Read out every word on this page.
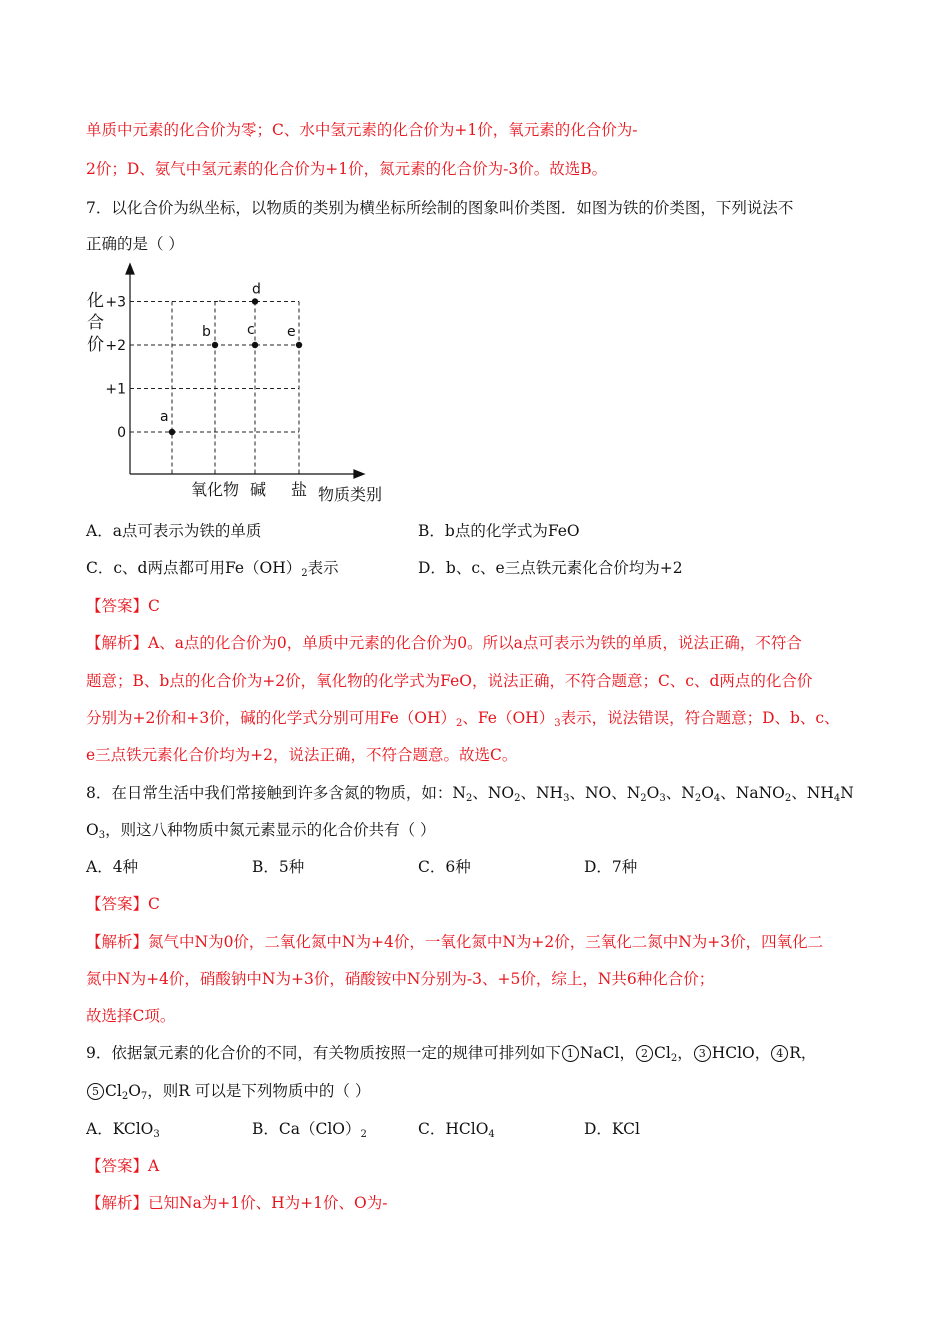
单质中元素的化合价为零；C、水中氢元素的化合价为+1价，氧元素的化合价为-
2价；D、氨气中氢元素的化合价为+1价，氮元素的化合价为-3价。故选B。
7．以化合价为纵坐标，以物质的类别为横坐标所绘制的图象叫价类图．如图为铁的价类图，下列说法不
正确的是（ ）
+3
+2
+1
0
化
合
价
氧化物 碱 盐 物质类别
a
b	c
d
e
A．a点可表示为铁的单质	B．b点的化学式为FeO
C．c、d两点都可用$Fe(OH)_2$表示	D．b、c、e三点铁元素化合价均为+2
【答案】C
【解析】A、a点的化合价为0，单质中元素的化合价为0。所以a点可表示为铁的单质，说法正确，不符合
题意；B、b点的化合价为+2价，氧化物的化学式为FeO，说法正确，不符合题意；C、c、d两点的化合价
分别为+2价和+3价，碱的化学式分别可用$Fe(OH)_2$、$Fe(OH)_3$表示，说法错误，符合题意；D、b、c、
e三点铁元素化合价均为+2，说法正确，不符合题意。故选C。
8．在日常生活中我们常接触到许多含氮的物质，如：$N_2$、$NO_2$、$NH_3$、NO、$N_2O_3$、$N_2O_4$、NaNO$_2$、$NH_4N$
$O_3$，则这八种物质中氮元素显示的化合价共有（ ）
A．4种	B．5种	C．6种	D．7种
【答案】C
【解析】氮气中N为0价，二氧化氮中N为+4价，一氧化氮中N为+2价，三氧化二氮中N为+3价，四氧化二
氮中N为+4价，硝酸钠中N为+3价，硝酸铵中N分别为-3、+5价，综上，N共6种化合价；
故选择C项。
9．依据氯元素的化合价的不同，有关物质按照一定的规律可排列如下 1 NaCl， 2 $Cl_2$， 3 HClO， 4 R，
5 $Cl_2O_7$，则R 可以是下列物质中的（ ）
A．KClO$_3$	B．$Ca(ClO)_2$	C．HClO$_4$	D．KCl
【答案】A
【解析】已知Na为+1价、H为+1价、O为-
